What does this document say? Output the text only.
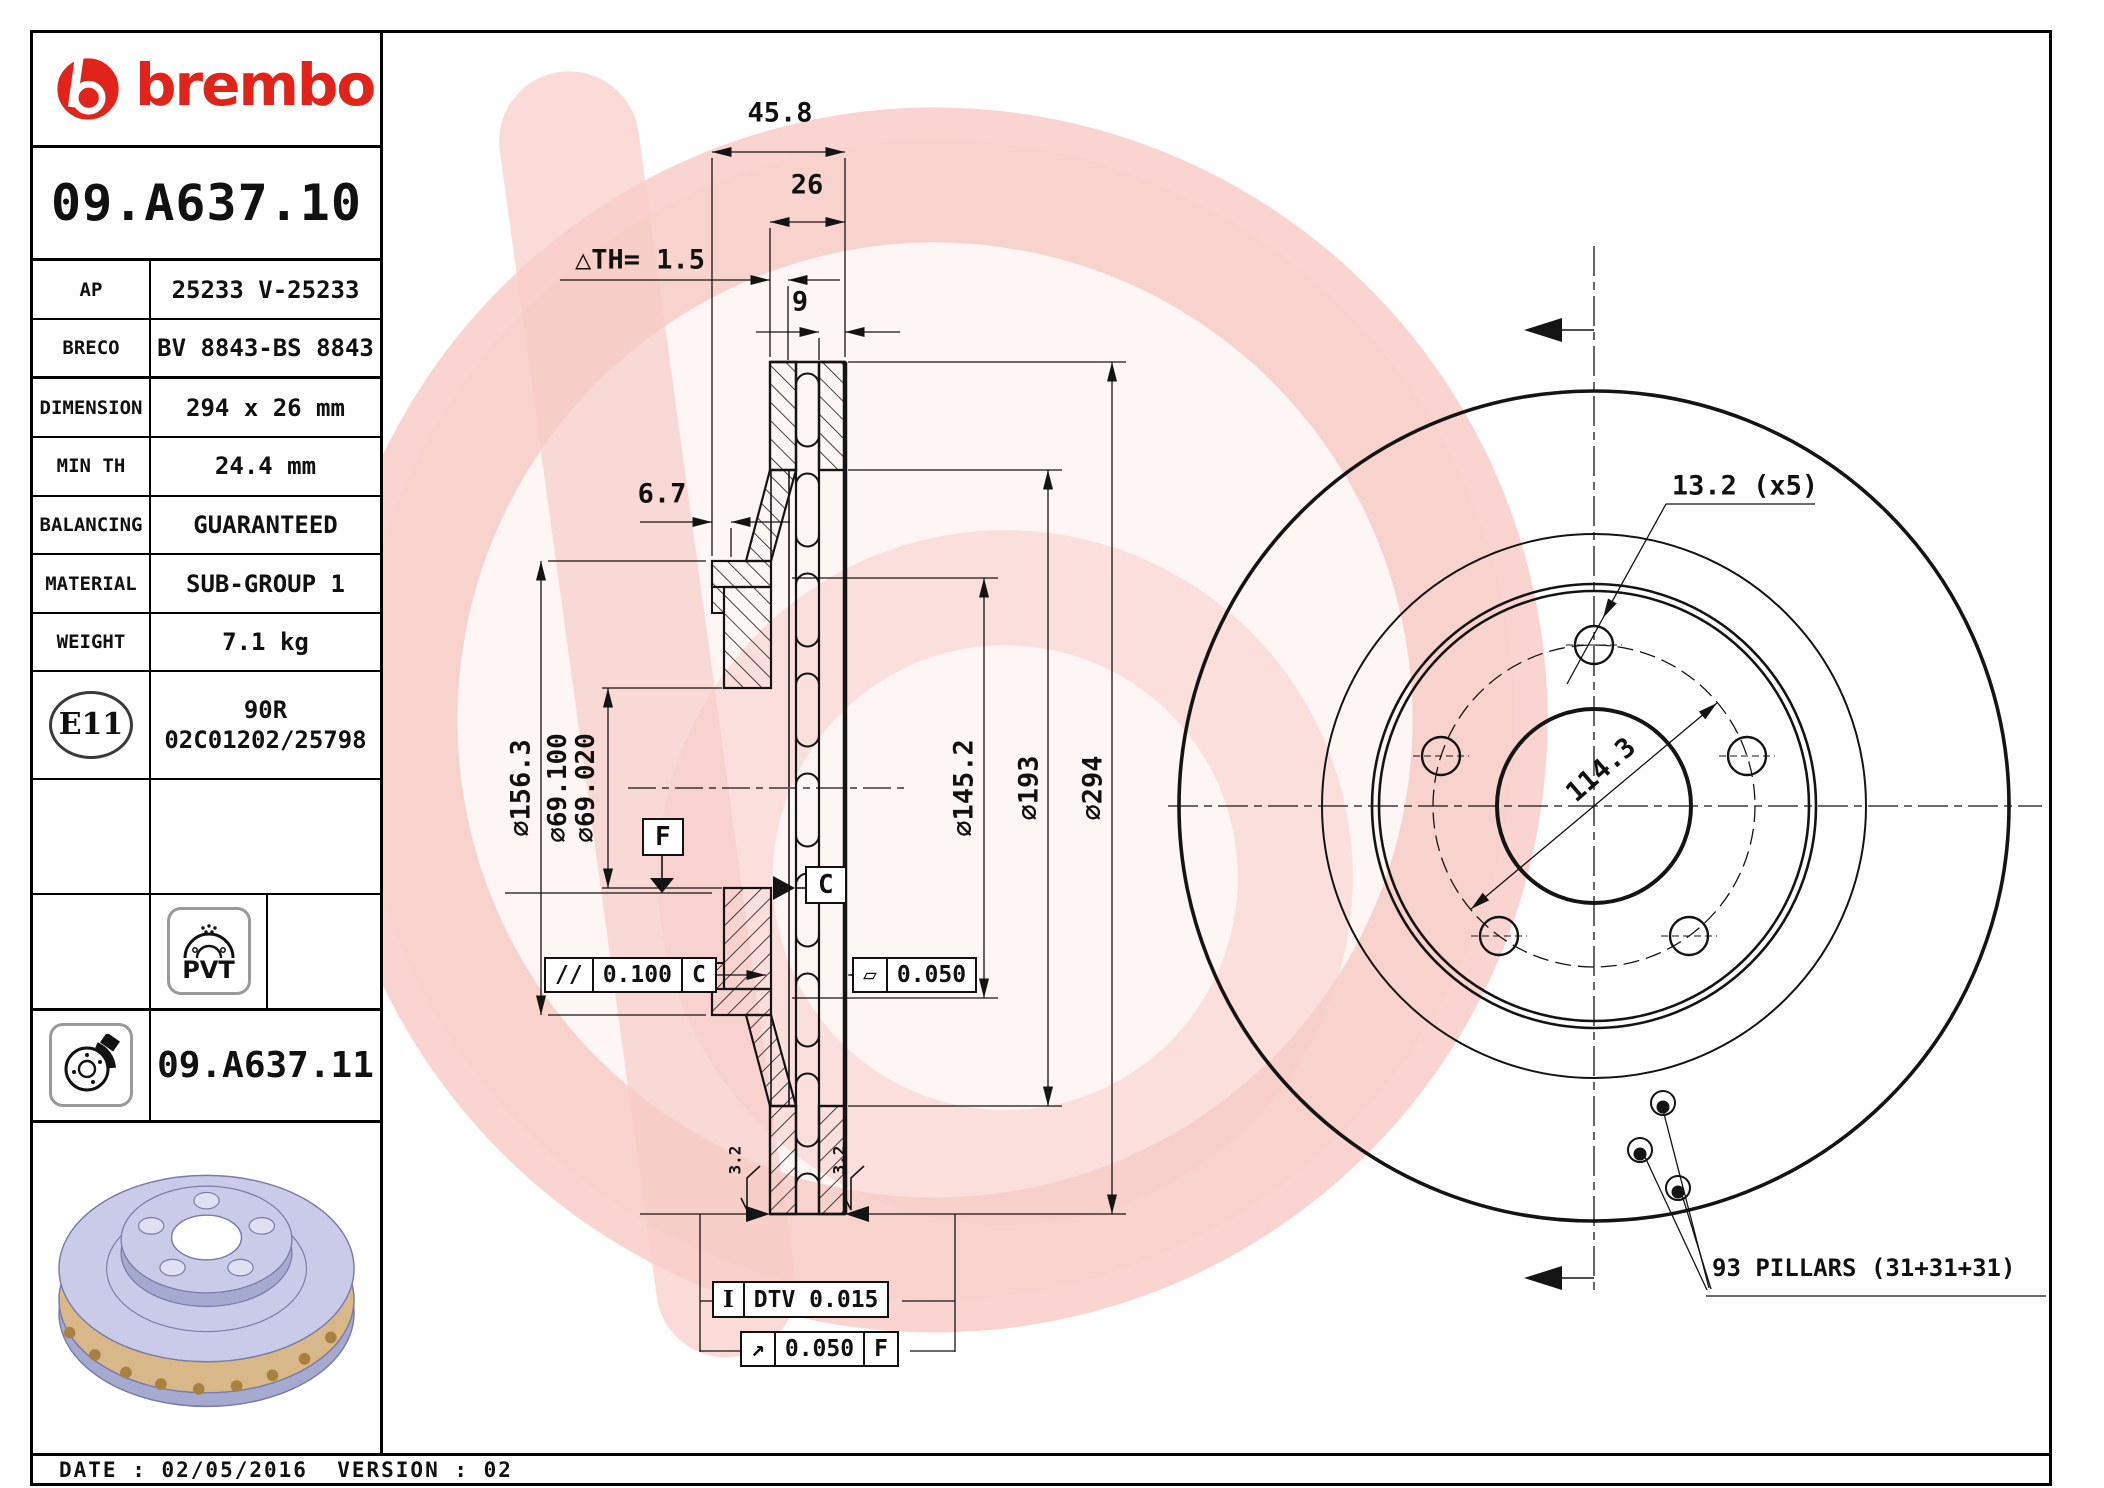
45.8
26
△TH= 1.5
9
6.7
∅156.3 ∅69.100
∅69.020	∅145.2 ∅193 ∅294
3.2	3.2
F
C
// 0.100 C	▱ 0.050
I DTV 0.015
↗ 0.050 F
13.2 (x5)
114.3
93 PILLARS (31+31+31)
brembo
09.A637.10
AP	25233 V-25233
BRECO	BV 8843-BS 8843
DIMENSION	294 x 26 mm
MIN TH	24.4 mm
BALANCING	GUARANTEED
MATERIAL	SUB-GROUP 1
WEIGHT	7.1 kg
E11	90R
02C01202/25798
PVT
09.A637.11
DATE : 02/05/2016  VERSION : 02
